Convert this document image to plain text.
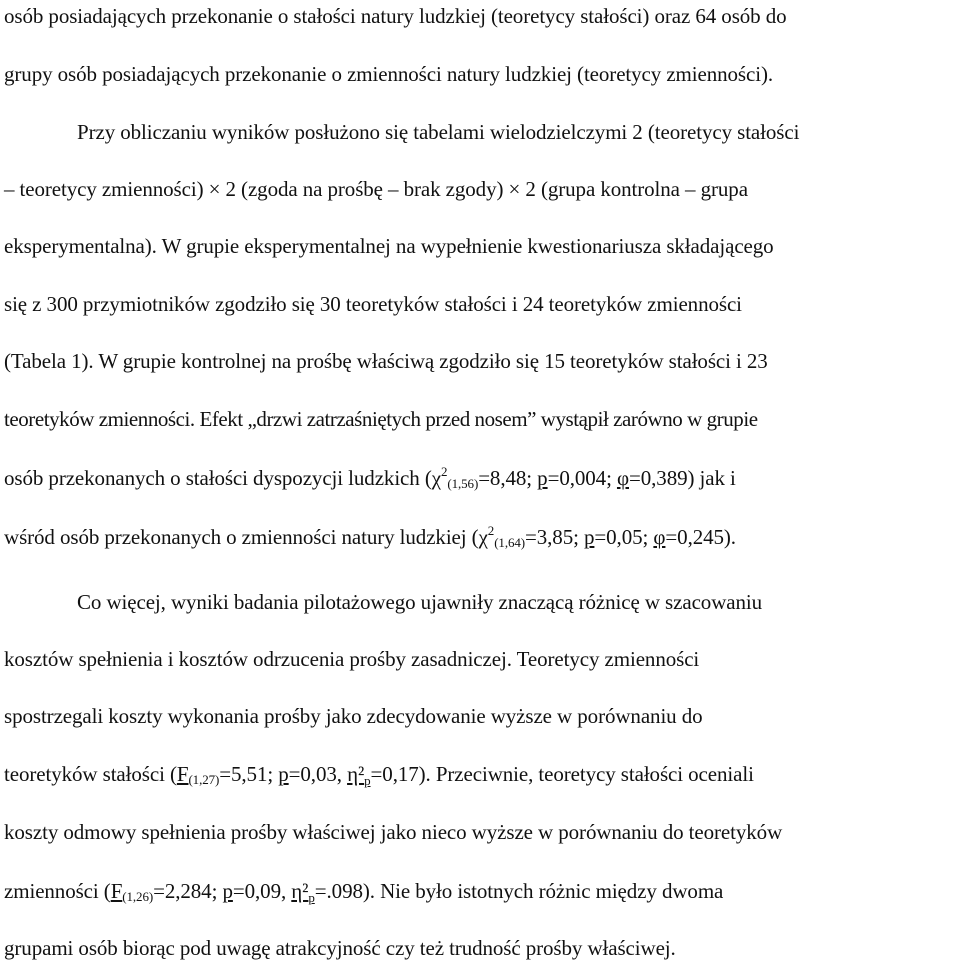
osób posiadających przekonanie o stałości natury ludzkiej (teoretycy stałości) oraz 64 osób do
grupy osób posiadających przekonanie o zmienności natury ludzkiej (teoretycy zmienności).
Przy obliczaniu wyników posłużono się tabelami wielodzielczymi 2 (teoretycy stałości
– teoretycy zmienności) × 2 (zgoda na prośbę – brak zgody) × 2 (grupa kontrolna – grupa
eksperymentalna). W grupie eksperymentalnej na wypełnienie kwestionariusza składającego
się z 300 przymiotników zgodziło się 30 teoretyków stałości i 24 teoretyków zmienności
(Tabela 1). W grupie kontrolnej na prośbę właściwą zgodziło się 15 teoretyków stałości i 23
teoretyków zmienności. Efekt „drzwi zatrzaśniętych przed nosem” wystąpił zarówno w grupie
osób przekonanych o stałości dyspozycji ludzkich ($\chi^2_{(1,56)}=8,48$; p=0,004; φ=0,389) jak i
wśród osób przekonanych o zmienności natury ludzkiej ($\chi^2_{(1,64)}=3,85$; p=0,05; φ=0,245).
Co więcej, wyniki badania pilotażowego ujawniły znaczącą różnicę w szacowaniu
kosztów spełnienia i kosztów odrzucenia prośby zasadniczej. Teoretycy zmienności
spostrzegali koszty wykonania prośby jako zdecydowanie wyższe w porównaniu do
teoretyków stałości ($F_{(1,27)}=5,51$; p=0,03, η²p=0,17). Przeciwnie, teoretycy stałości oceniali
koszty odmowy spełnienia prośby właściwej jako nieco wyższe w porównaniu do teoretyków
zmienności ($F_{(1,26)}=2,284$; p=0,09, η²p=.098). Nie było istotnych różnic między dwoma
grupami osób biorąc pod uwagę atrakcyjność czy też trudność prośby właściwej.
